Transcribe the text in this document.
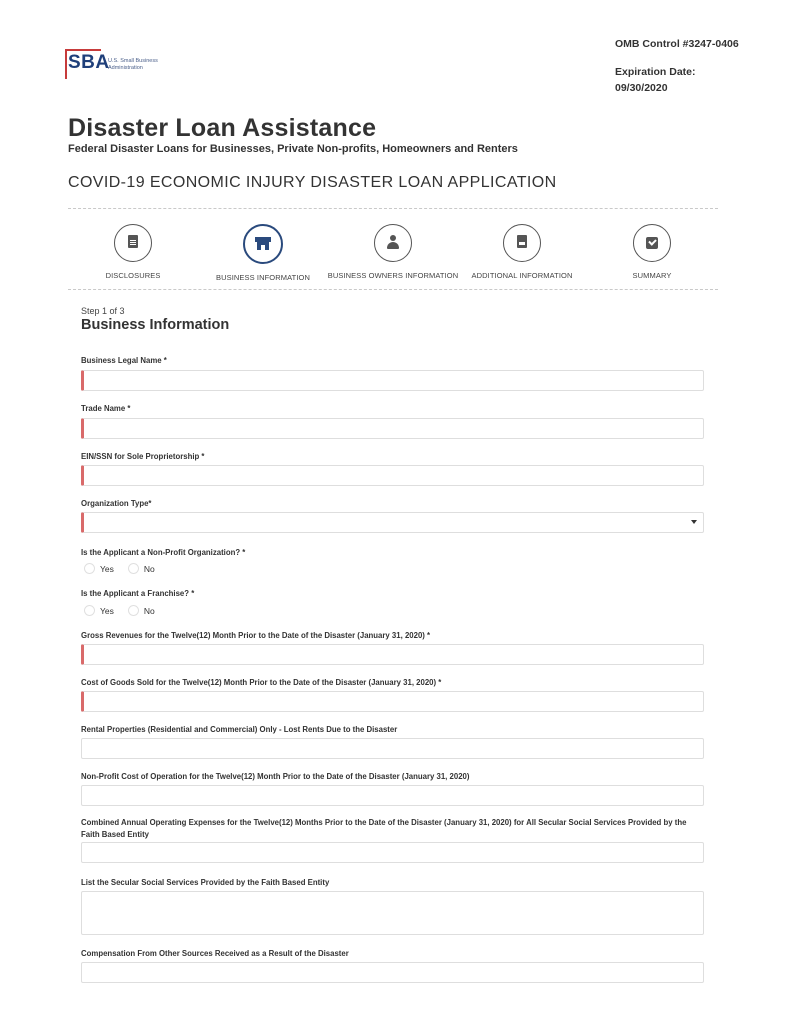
SBA
U.S. Small Business Administration
OMB Control #3247-0406
Expiration Date:
09/30/2020
Disaster Loan Assistance
Federal Disaster Loans for Businesses, Private Non-profits, Homeowners and Renters
COVID-19 ECONOMIC INJURY DISASTER LOAN APPLICATION
DISCLOSURES	BUSINESS INFORMATION	BUSINESS OWNERS INFORMATION	ADDITIONAL INFORMATION	SUMMARY
Step 1 of 3
Business Information
Business Legal Name *
Trade Name *
EIN/SSN for Sole Proprietorship *
Organization Type*
Is the Applicant a Non-Profit Organization? *
Yes	No
Is the Applicant a Franchise? *
Yes	No
Gross Revenues for the Twelve(12) Month Prior to the Date of the Disaster (January 31, 2020) *
Cost of Goods Sold for the Twelve(12) Month Prior to the Date of the Disaster (January 31, 2020) *
Rental Properties (Residential and Commercial) Only - Lost Rents Due to the Disaster
Non-Profit Cost of Operation for the Twelve(12) Month Prior to the Date of the Disaster (January 31, 2020)
Combined Annual Operating Expenses for the Twelve(12) Months Prior to the Date of the Disaster (January 31, 2020) for All Secular Social Services Provided by the Faith Based Entity
List the Secular Social Services Provided by the Faith Based Entity
Compensation From Other Sources Received as a Result of the Disaster
